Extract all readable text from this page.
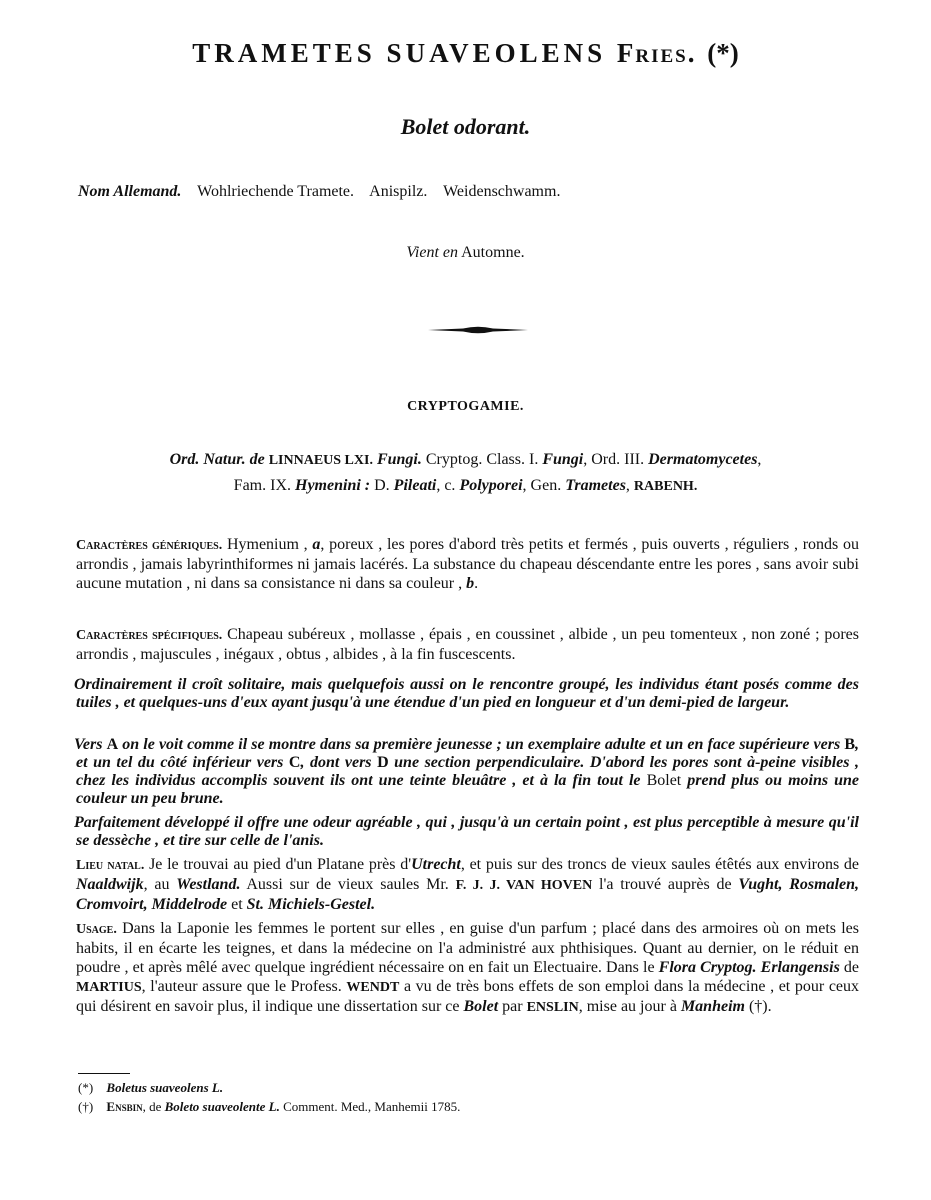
TRAMETES SUAVEOLENS Fries. (*)
Bolet odorant.
Nom Allemand. Wohlriechende Tramete. Anispilz. Weidenschwamm.
Vient en Automne.
CRYPTOGAMIE.
Ord. Natur. de LINNAEUS LXI. Fungi. Cryptog. Class. I. Fungi, Ord. III. Dermatomycetes,
Fam. IX. Hymenini : D. Pileati, c. Polyporei, Gen. Trametes, RABENH.

Caractères génériques. Hymenium , a, poreux , les pores d'abord très petits et fermés , puis ouverts , réguliers , ronds ou arrondis , jamais labyrinthiformes ni jamais lacérés. La substance du chapeau déscendante entre les pores , sans avoir subi aucune mutation , ni dans sa consistance ni dans sa couleur , b.

Caractères spécifiques. Chapeau subéreux , mollasse , épais , en coussinet , albide , un peu tomenteux , non zoné ; pores arrondis , majuscules , inégaux , obtus , albides , à la fin fuscescents.

Ordinairement il croît solitaire, mais quelquefois aussi on le rencontre groupé, les individus étant posés comme des tuiles , et quelques-uns d'eux ayant jusqu'à une étendue d'un pied en longueur et d'un demi-pied de largeur.

Vers A on le voit comme il se montre dans sa première jeunesse ; un exemplaire adulte et un en face supérieure vers B, et un tel du côté inférieur vers C, dont vers D une section perpendiculaire. D'abord les pores sont à-peine visibles , chez les individus accomplis souvent ils ont une teinte bleuâtre , et à la fin tout le Bolet prend plus ou moins une couleur un peu brune.

Parfaitement développé il offre une odeur agréable , qui , jusqu'à un certain point , est plus perceptible à mesure qu'il se dessèche , et tire sur celle de l'anis.

Lieu natal. Je le trouvai au pied d'un Platane près d'Utrecht, et puis sur des troncs de vieux saules étêtés aux environs de Naaldwijk, au Westland. Aussi sur de vieux saules Mr. F. J. J. VAN HOVEN l'a trouvé auprès de Vught, Rosmalen, Cromvoirt, Middelrode et St. Michiels-Gestel.

Usage. Dans la Laponie les femmes le portent sur elles , en guise d'un parfum ; placé dans des armoires où on mets les habits, il en écarte les teignes, et dans la médecine on l'a administré aux phthisiques. Quant au dernier, on le réduit en poudre , et après mêlé avec quelque ingrédient nécessaire on en fait un Electuaire. Dans le Flora Cryptog. Erlangensis de MARTIUS, l'auteur assure que le Profess. WENDT a vu de très bons effets de son emploi dans la médecine , et pour ceux qui désirent en savoir plus, il indique une dissertation sur ce Bolet par ENSLIN, mise au jour à Manheim (†).

(*) Boletus suaveolens L.
(†) Ensbin, de Boleto suaveolente L. Comment. Med., Manhemii 1785.
